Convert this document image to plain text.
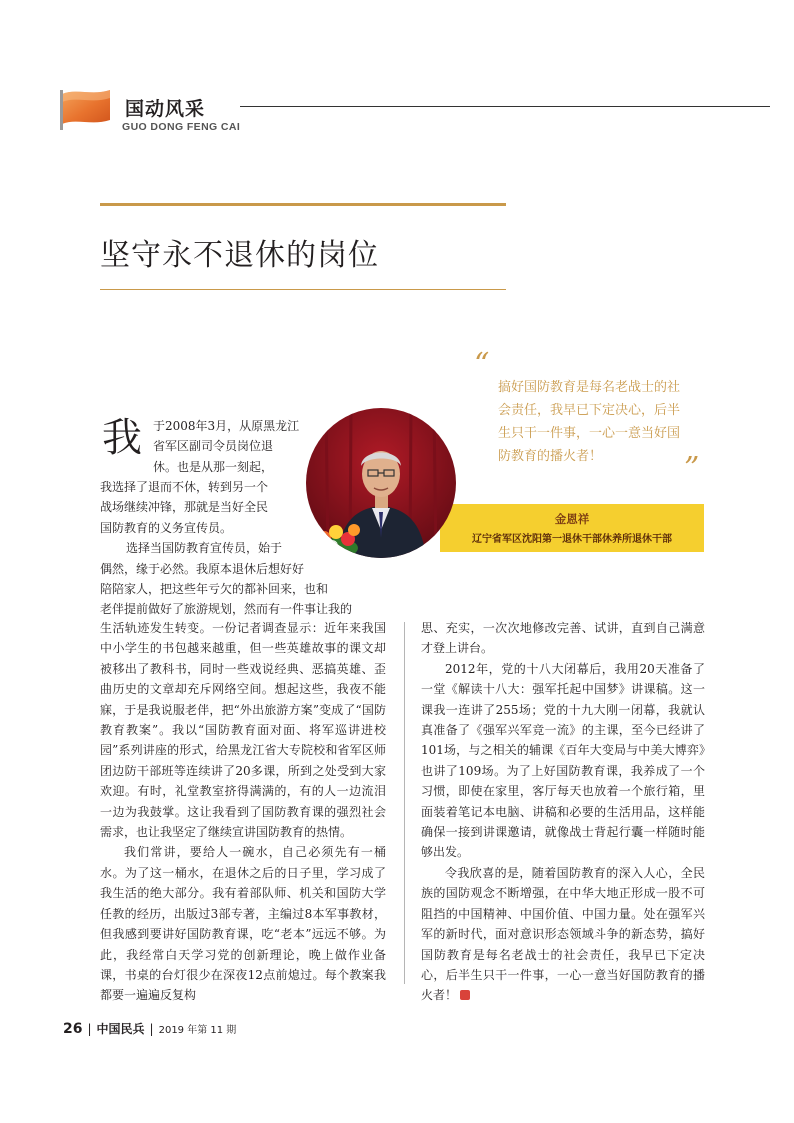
国动风采
GUO DONG FENG CAI
坚守永不退休的岗位
“
搞好国防教育是每名老战士的社会责任，我早已下定决心，后半生只干一件事，一心一意当好国防教育的播火者！	”
金恩祥
辽宁省军区沈阳第一退休干部休养所退休干部
我 于2008年3月，从原黑龙江
省军区副司令员岗位退
休。也是从那一刻起，
我选择了退而不休，转到另一个
战场继续冲锋，那就是当好全民
国防教育的义务宣传员。
选择当国防教育宣传员，始于
偶然，缘于必然。我原本退休后想好好
陪陪家人，把这些年亏欠的都补回来，也和
老伴提前做好了旅游规划，然而有一件事让我的

生活轨迹发生转变。一份记者调查显示：近年来我国中小学生的书包越来越重，但一些英雄故事的课文却被移出了教科书，同时一些戏说经典、恶搞英雄、歪曲历史的文章却充斥网络空间。想起这些，我夜不能寐，于是我说服老伴，把“外出旅游方案”变成了“国防教育教案”。我以“国防教育面对面、将军巡讲进校园”系列讲座的形式，给黑龙江省大专院校和省军区师团边防干部班等连续讲了20多课，所到之处受到大家欢迎。有时，礼堂教室挤得满满的，有的人一边流泪一边为我鼓掌。这让我看到了国防教育课的强烈社会需求，也让我坚定了继续宣讲国防教育的热情。

我们常讲，要给人一碗水，自己必须先有一桶水。为了这一桶水，在退休之后的日子里，学习成了我生活的绝大部分。我有着部队师、机关和国防大学任教的经历，出版过3部专著，主编过8本军事教材，但我感到要讲好国防教育课，吃“老本”远远不够。为此，我经常白天学习党的创新理论，晚上做作业备课，书桌的台灯很少在深夜12点前熄过。每个教案我都要一遍遍反复构

思、充实，一次次地修改完善、试讲，直到自己满意才登上讲台。

2012年，党的十八大闭幕后，我用20天准备了一堂《解读十八大：强军托起中国梦》讲课稿。这一课我一连讲了255场；党的十九大刚一闭幕，我就认真准备了《强军兴军竞一流》的主课，至今已经讲了101场，与之相关的辅课《百年大变局与中美大博弈》也讲了109场。为了上好国防教育课，我养成了一个习惯，即使在家里，客厅每天也放着一个旅行箱，里面装着笔记本电脑、讲稿和必要的生活用品，这样能确保一接到讲课邀请，就像战士背起行囊一样随时能够出发。

令我欣喜的是，随着国防教育的深入人心，全民族的国防观念不断增强，在中华大地正形成一股不可阻挡的中国精神、中国价值、中国力量。处在强军兴军的新时代，面对意识形态领域斗争的新态势，搞好国防教育是每名老战士的社会责任，我早已下定决心，后半生只干一件事，一心一意当好国防教育的播火者！

26 | 中国民兵 | 2019 年第 11 期
